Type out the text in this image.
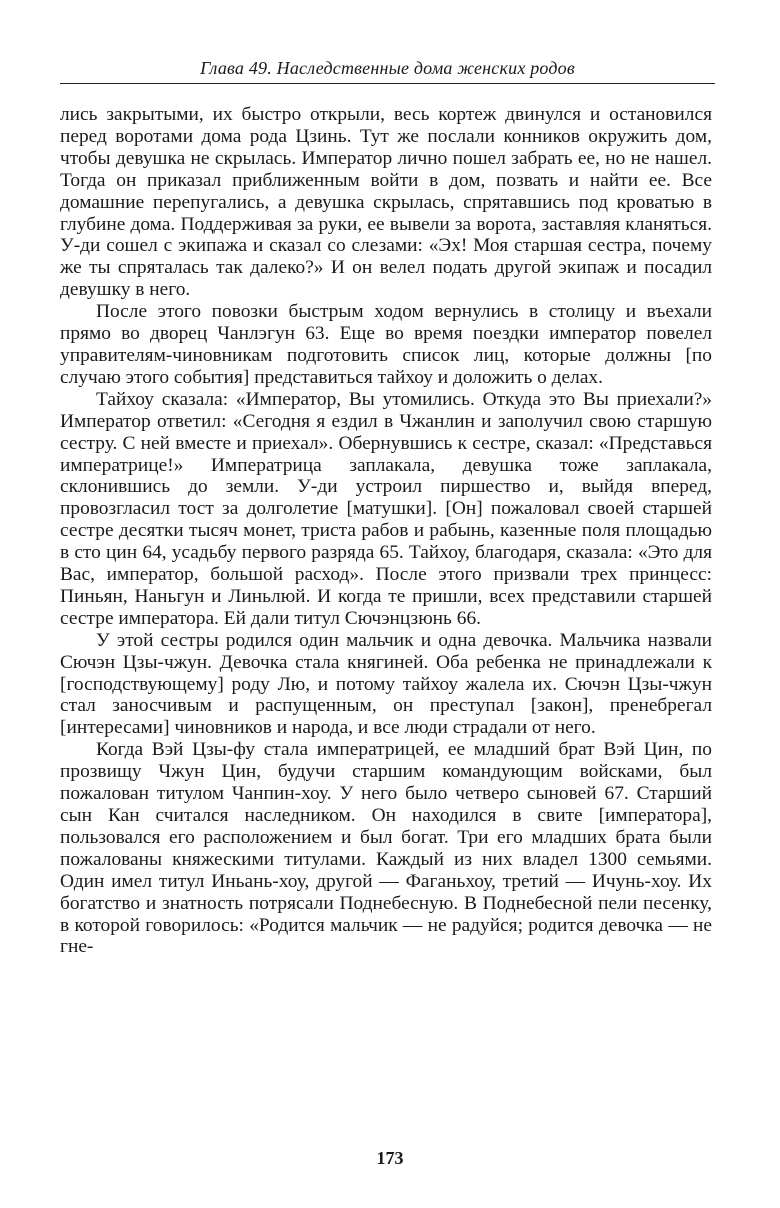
Глава 49. Наследственные дома женских родов

лись закрытыми, их быстро открыли, весь кортеж двинулся и остановился перед воротами дома рода Цзинь. Тут же послали конников окружить дом, чтобы девушка не скрылась. Император лично пошел забрать ее, но не нашел. Тогда он приказал приближенным войти в дом, позвать и найти ее. Все домашние перепугались, а девушка скрылась, спрятавшись под кроватью в глубине дома. Поддерживая за руки, ее вывели за ворота, заставляя кланяться. У-ди сошел с экипажа и сказал со слезами: «Эх! Моя старшая сестра, почему же ты спряталась так далеко?» И он велел подать другой экипаж и посадил девушку в него.

После этого повозки быстрым ходом вернулись в столицу и въехали прямо во дворец Чанлэгун 63. Еще во время поездки император повелел управителям-чиновникам подготовить список лиц, которые должны [по случаю этого события] представиться тайхоу и доложить о делах.

Тайхоу сказала: «Император, Вы утомились. Откуда это Вы приехали?» Император ответил: «Сегодня я ездил в Чжанлин и заполучил свою старшую сестру. С ней вместе и приехал». Обернувшись к сестре, сказал: «Представься императрице!» Императрица заплакала, девушка тоже заплакала, склонившись до земли. У-ди устроил пиршество и, выйдя вперед, провозгласил тост за долголетие [матушки]. [Он] пожаловал своей старшей сестре десятки тысяч монет, триста рабов и рабынь, казенные поля площадью в сто цин 64, усадьбу первого разряда 65. Тайхоу, благодаря, сказала: «Это для Вас, император, большой расход». После этого призвали трех принцесс: Пиньян, Наньгун и Линьлюй. И когда те пришли, всех представили старшей сестре императора. Ей дали титул Сючэнцзюнь 66.

У этой сестры родился один мальчик и одна девочка. Мальчика назвали Сючэн Цзы-чжун. Девочка стала княгиней. Оба ребенка не принадлежали к [господствующему] роду Лю, и потому тайхоу жалела их. Сючэн Цзы-чжун стал заносчивым и распущенным, он преступал [закон], пренебрегал [интересами] чиновников и народа, и все люди страдали от него.

Когда Вэй Цзы-фу стала императрицей, ее младший брат Вэй Цин, по прозвищу Чжун Цин, будучи старшим командующим войсками, был пожалован титулом Чанпин-хоу. У него было четверо сыновей 67. Старший сын Кан считался наследником. Он находился в свите [императора], пользовался его расположением и был богат. Три его младших брата были пожалованы княжескими титулами. Каждый из них владел 1300 семьями. Один имел титул Иньань-хоу, другой — Фаганьхоу, третий — Ичунь-хоу. Их богатство и знатность потрясали Поднебесную. В Поднебесной пели песенку, в которой говорилось: «Родится мальчик — не радуйся; родится девочка — не гне-

173
